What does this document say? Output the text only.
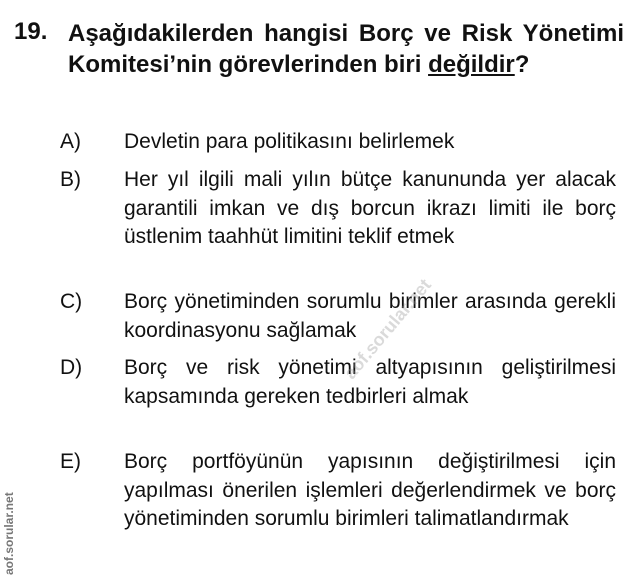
19. Aşağıdakilerden hangisi Borç ve Risk Yönetimi Komitesi’nin görevlerinden biri değildir?
A) Devletin para politikasını belirlemek
B) Her yıl ilgili mali yılın bütçe kanununda yer alacak garantili imkan ve dış borcun ikrazı limiti ile borç üstlenim taahhüt limitini teklif etmek
C) Borç yönetiminden sorumlu birimler arasında gerekli koordinasyonu sağlamak
D) Borç ve risk yönetimi altyapısının geliştirilmesi kapsamında gereken tedbirleri almak
E) Borç portföyünün yapısının değiştirilmesi için yapılması önerilen işlemleri değerlendirmek ve borç yönetiminden sorumlu birimleri talimatlandırmak
aof.sorular.net
aof.sorular.net
